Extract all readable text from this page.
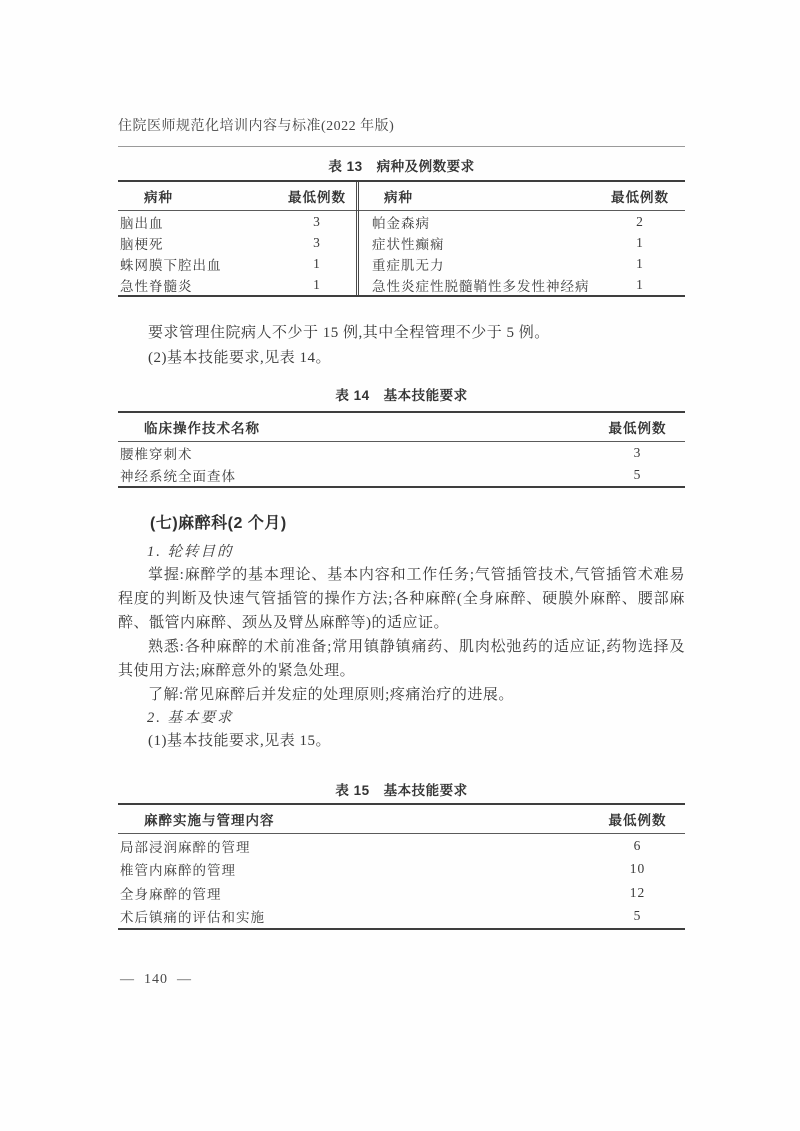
住院医师规范化培训内容与标准(2022 年版)
表 13 病种及例数要求
病种	最低例数	病种	最低例数
脑出血	3	帕金森病	2
脑梗死	3	症状性癫痫	1
蛛网膜下腔出血	1	重症肌无力	1
急性脊髓炎	1	急性炎症性脱髓鞘性多发性神经病	1

要求管理住院病人不少于 15 例,其中全程管理不少于 5 例。

(2)基本技能要求,见表 14。

表 14 基本技能要求
临床操作技术名称	最低例数
腰椎穿刺术	3
神经系统全面查体	5
(七)麻醉科(2 个月)
1. 轮转目的

掌握:麻醉学的基本理论、基本内容和工作任务;气管插管技术,气管插管术难易程度的判断及快速气管插管的操作方法;各种麻醉(全身麻醉、硬膜外麻醉、腰部麻醉、骶管内麻醉、颈丛及臂丛麻醉等)的适应证。

熟悉:各种麻醉的术前准备;常用镇静镇痛药、肌肉松弛药的适应证,药物选择及其使用方法;麻醉意外的紧急处理。

了解:常见麻醉后并发症的处理原则;疼痛治疗的进展。

2. 基本要求

(1)基本技能要求,见表 15。

表 15 基本技能要求
麻醉实施与管理内容	最低例数
局部浸润麻醉的管理	6
椎管内麻醉的管理	10
全身麻醉的管理	12
术后镇痛的评估和实施	5
— 140 —
